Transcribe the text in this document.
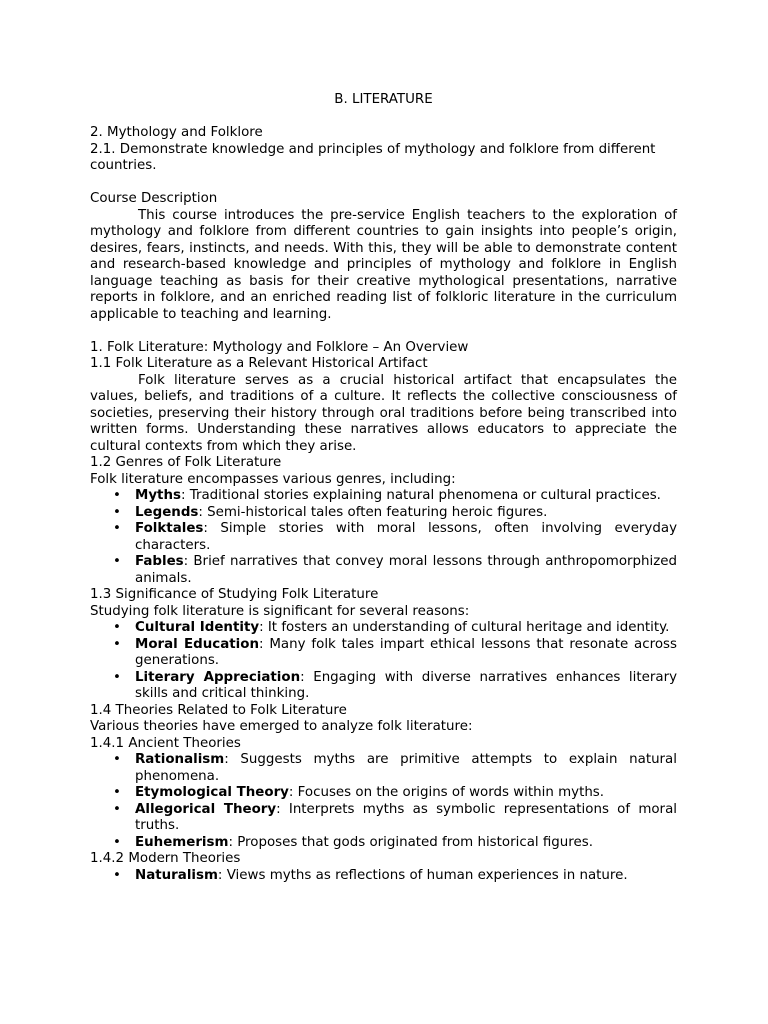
B. LITERATURE

2. Mythology and Folklore

2.1. Demonstrate knowledge and principles of mythology and folklore from different countries.

Course Description

This course introduces the pre-service English teachers to the exploration of mythology and folklore from different countries to gain insights into people’s origin, desires, fears, instincts, and needs. With this, they will be able to demonstrate content and research-based knowledge and principles of mythology and folklore in English language teaching as basis for their creative mythological presentations, narrative reports in folklore, and an enriched reading list of folkloric literature in the curriculum applicable to teaching and learning.

1. Folk Literature: Mythology and Folklore – An Overview

1.1 Folk Literature as a Relevant Historical Artifact

Folk literature serves as a crucial historical artifact that encapsulates the values, beliefs, and traditions of a culture. It reflects the collective consciousness of societies, preserving their history through oral traditions before being transcribed into written forms. Understanding these narratives allows educators to appreciate the cultural contexts from which they arise.

1.2 Genres of Folk Literature

Folk literature encompasses various genres, including:

• Myths: Traditional stories explaining natural phenomena or cultural practices.
• Legends: Semi-historical tales often featuring heroic figures.
• Folktales: Simple stories with moral lessons, often involving everyday characters.
• Fables: Brief narratives that convey moral lessons through anthropomorphized animals.

1.3 Significance of Studying Folk Literature

Studying folk literature is significant for several reasons:

• Cultural Identity: It fosters an understanding of cultural heritage and identity.
• Moral Education: Many folk tales impart ethical lessons that resonate across generations.
• Literary Appreciation: Engaging with diverse narratives enhances literary skills and critical thinking.

1.4 Theories Related to Folk Literature

Various theories have emerged to analyze folk literature:

1.4.1 Ancient Theories

• Rationalism: Suggests myths are primitive attempts to explain natural phenomena.
• Etymological Theory: Focuses on the origins of words within myths.
• Allegorical Theory: Interprets myths as symbolic representations of moral truths.
• Euhemerism: Proposes that gods originated from historical figures.

1.4.2 Modern Theories

• Naturalism: Views myths as reflections of human experiences in nature.
